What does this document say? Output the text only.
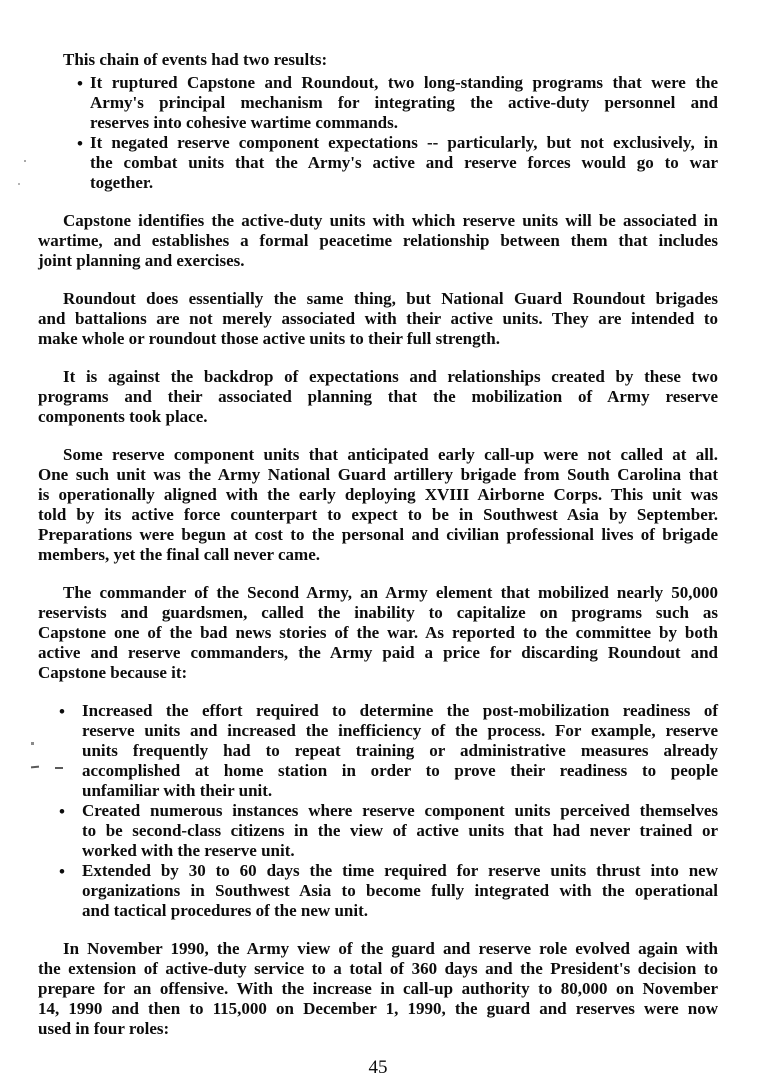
This chain of events had two results:
• It ruptured Capstone and Roundout, two long-standing programs that were the
Army's principal mechanism for integrating the active-duty personnel and
reserves into cohesive wartime commands.
• It negated reserve component expectations -- particularly, but not exclusively, in
the combat units that the Army's active and reserve forces would go to war
together.
Capstone identifies the active-duty units with which reserve units will be associated in
wartime, and establishes a formal peacetime relationship between them that includes
joint planning and exercises.
Roundout does essentially the same thing, but National Guard Roundout brigades
and battalions are not merely associated with their active units. They are intended to
make whole or roundout those active units to their full strength.
It is against the backdrop of expectations and relationships created by these two
programs and their associated planning that the mobilization of Army reserve
components took place.
Some reserve component units that anticipated early call-up were not called at all.
One such unit was the Army National Guard artillery brigade from South Carolina that
is operationally aligned with the early deploying XVIII Airborne Corps. This unit was
told by its active force counterpart to expect to be in Southwest Asia by September.
Preparations were begun at cost to the personal and civilian professional lives of brigade
members, yet the final call never came.
The commander of the Second Army, an Army element that mobilized nearly 50,000
reservists and guardsmen, called the inability to capitalize on programs such as
Capstone one of the bad news stories of the war. As reported to the committee by both
active and reserve commanders, the Army paid a price for discarding Roundout and
Capstone because it:
• Increased the effort required to determine the post-mobilization readiness of
reserve units and increased the inefficiency of the process. For example, reserve
units frequently had to repeat training or administrative measures already
accomplished at home station in order to prove their readiness to people
unfamiliar with their unit.
• Created numerous instances where reserve component units perceived themselves
to be second-class citizens in the view of active units that had never trained or
worked with the reserve unit.
• Extended by 30 to 60 days the time required for reserve units thrust into new
organizations in Southwest Asia to become fully integrated with the operational
and tactical procedures of the new unit.
In November 1990, the Army view of the guard and reserve role evolved again with
the extension of active-duty service to a total of 360 days and the President's decision to
prepare for an offensive. With the increase in call-up authority to 80,000 on November
14, 1990 and then to 115,000 on December 1, 1990, the guard and reserves were now
used in four roles:
45
